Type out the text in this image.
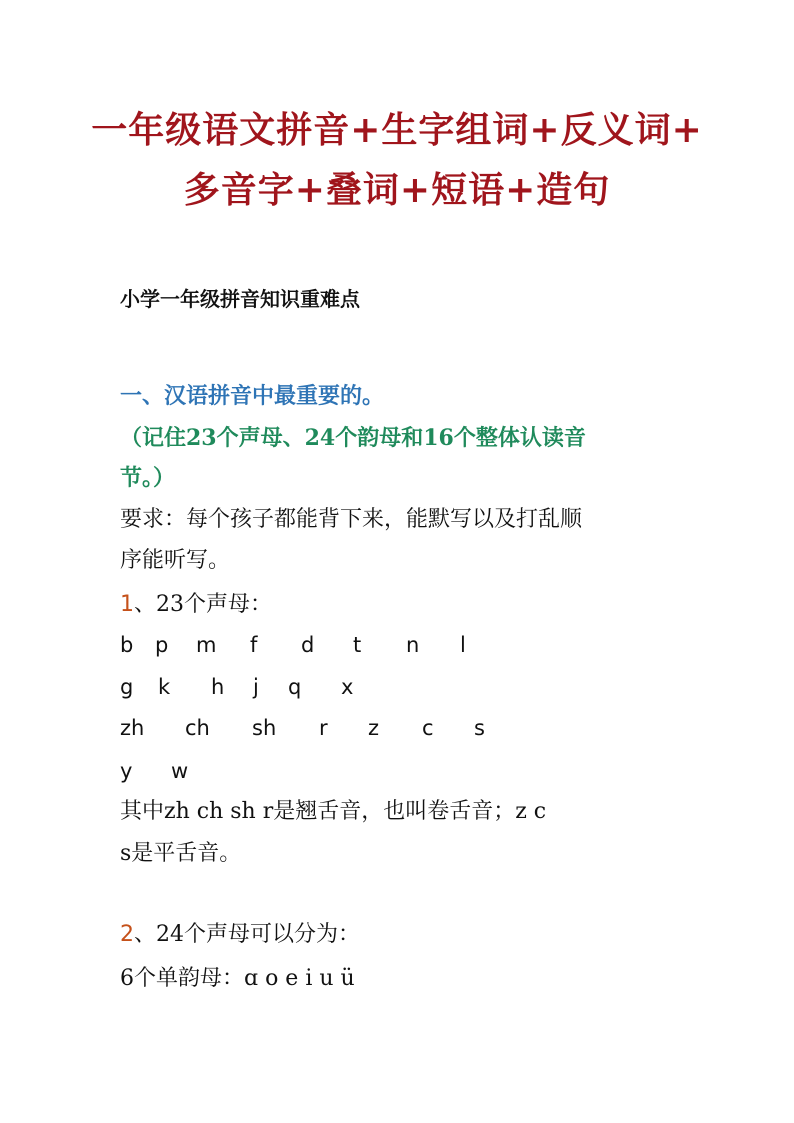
一年级语文拼音+生字组词+反义词+
多音字+叠词+短语+造句
小学一年级拼音知识重难点
一、汉语拼音中最重要的。
（记住23个声母、24个韵母和16个整体认读音
节。）
要求：每个孩子都能背下来，能默写以及打乱顺
序能听写。
1、23个声母：
b p m f d t n l
g k h j q x
zh ch sh r z c s
y w
其中zh ch sh r是翘舌音，也叫卷舌音；z c
s是平舌音。
2、24个声母可以分为：
6个单韵母：ɑ o e i u ü
